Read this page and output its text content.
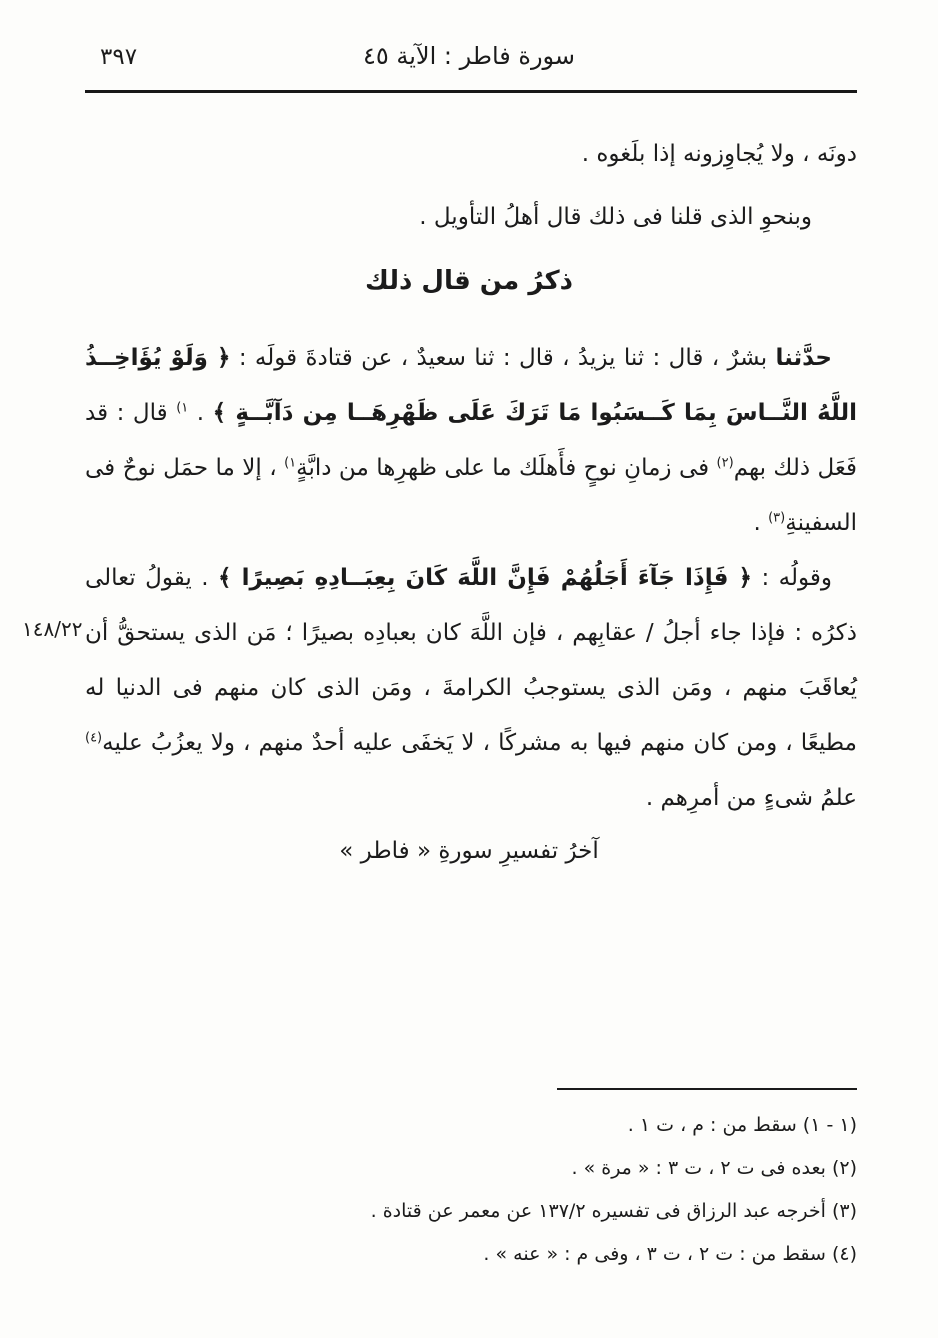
٣٩٧	سورة فاطر : الآية ٤٥
دونَه ، ولا يُجاوِزونه إذا بلَغوه .
وبنحوِ الذى قلنا فى ذلك قال أهلُ التأويل .
ذكرُ من قال ذلك
حدَّثنا بشرٌ ، قال : ثنا يزيدُ ، قال : ثنا سعيدٌ ، عن قتادةَ قولَه : ﴿ وَلَوْ يُؤَاخِــذُ اللَّهُ النَّــاسَ بِمَا كَــسَبُوا مَا تَرَكَ عَلَى ظَهْرِهَــا مِن دَآبَّــةٍ ﴾ . $^{(١}$ قال : قد فَعَل ذلك بهم$^{(٢)}$ فى زمانِ نوحٍ فأَهلَك ما على ظهرِها من دابَّةٍ$^{(١}$ ، إلا ما حمَل نوحٌ فى السفينةِ$^{(٣)}$ .
وقولُه : ﴿ فَإِذَا جَآءَ أَجَلُهُمْ فَإِنَّ اللَّهَ كَانَ بِعِبَــادِهِ بَصِيرًا ﴾ . يقولُ تعالى ذكرُه : فإذا جاء أجلُ / عقابِهم ، فإن اللَّهَ كان بعبادِه بصيرًا ؛ مَن الذى يستحقُّ أن يُعاقَبَ منهم ، ومَن الذى يستوجبُ الكرامةَ ، ومَن الذى كان منهم فى الدنيا له مطيعًا ، ومن كان منهم فيها به مشركًا ، لا يَخفَى عليه أحدٌ منهم ، ولا يعزُبُ عليه$^{(٤)}$ علمُ شىءٍ من أمرِهم .
١٤٨/٢٢
آخرُ تفسيرِ سورةِ « فاطر »
(١ - ١) سقط من : م ، ت ١ .
(٢) بعده فى ت ٢ ، ت ٣ : « مرة » .
(٣) أخرجه عبد الرزاق فى تفسيره ١٣٧/٢ عن معمر عن قتادة .
(٤) سقط من : ت ٢ ، ت ٣ ، وفى م : « عنه » .
